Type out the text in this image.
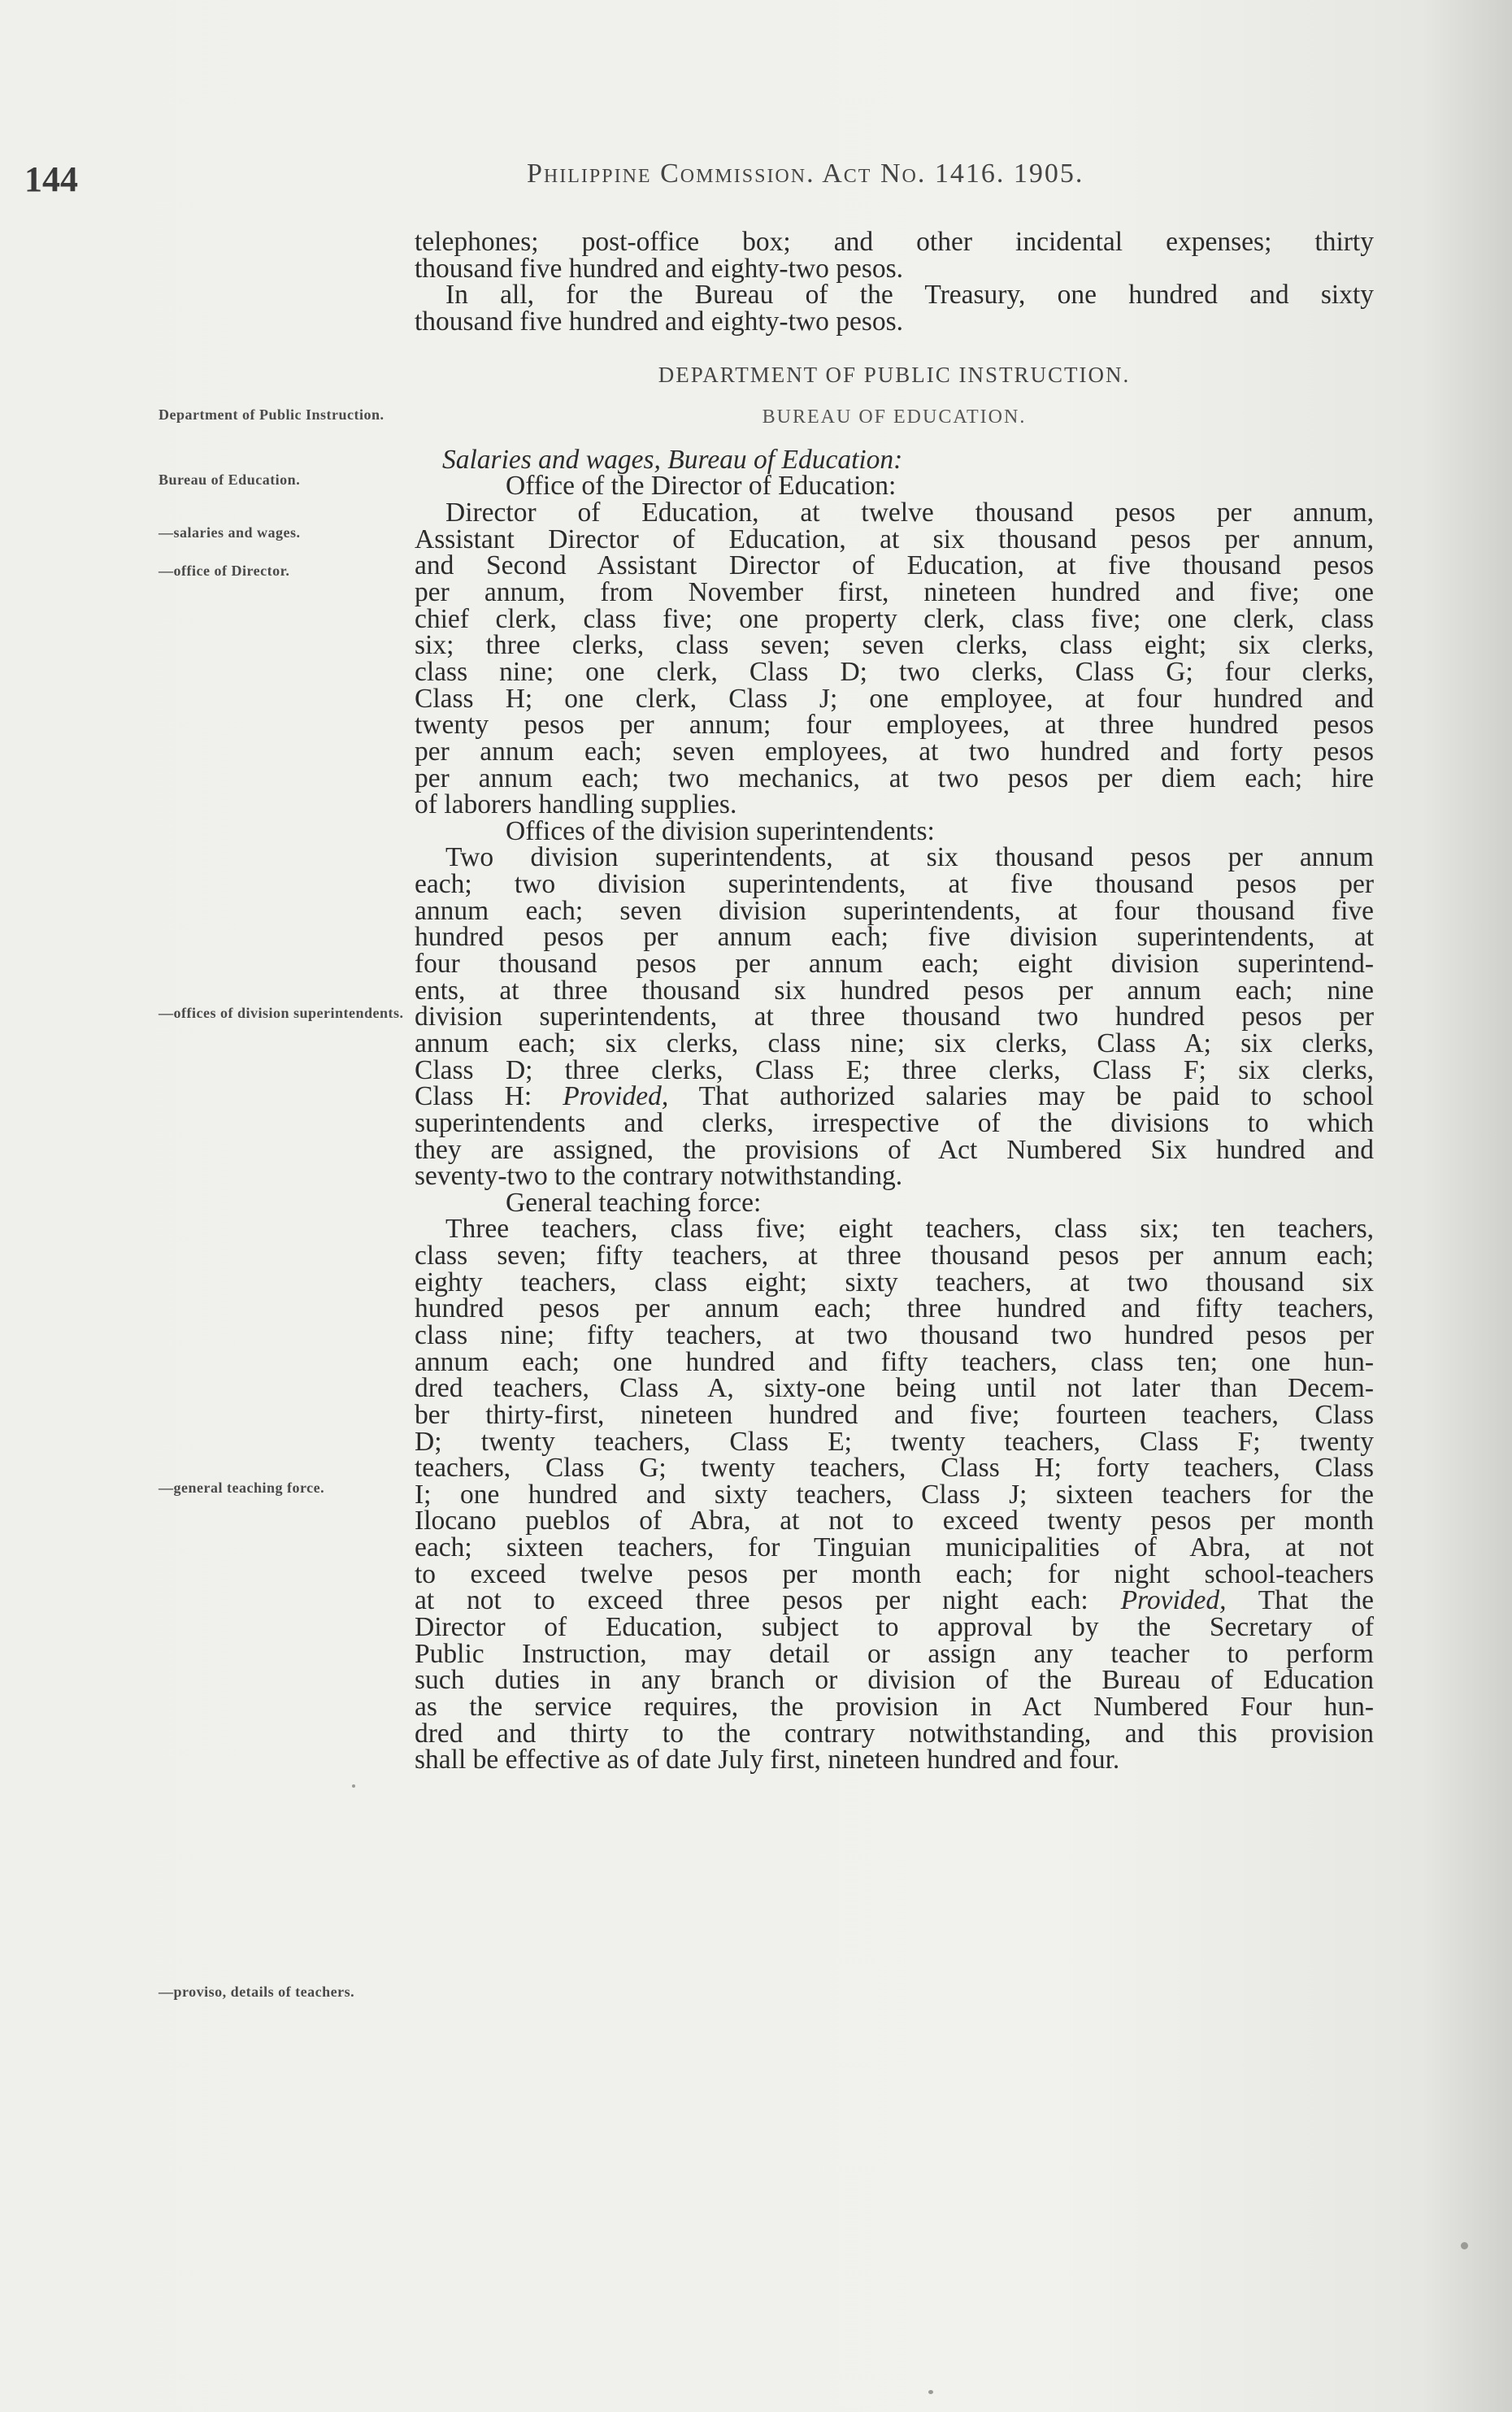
144	Philippine Commission. Act No. 1416. 1905.
Department of Public Instruction.
Bureau of Education.
—salaries and wages.
—office of Director.
—offices of division superintendents.
—general teaching force.
—proviso, details of teachers.
telephones; post-office box; and other incidental expenses; thirty
thousand five hundred and eighty-two pesos.
In all, for the Bureau of the Treasury, one hundred and sixty
thousand five hundred and eighty-two pesos.
DEPARTMENT OF PUBLIC INSTRUCTION.
BUREAU OF EDUCATION.
Salaries and wages, Bureau of Education:
Office of the Director of Education:
Director of Education, at twelve thousand pesos per annum,
Assistant Director of Education, at six thousand pesos per annum,
and Second Assistant Director of Education, at five thousand pesos
per annum, from November first, nineteen hundred and five; one
chief clerk, class five; one property clerk, class five; one clerk, class
six; three clerks, class seven; seven clerks, class eight; six clerks,
class nine; one clerk, Class D; two clerks, Class G; four clerks,
Class H; one clerk, Class J; one employee, at four hundred and
twenty pesos per annum; four employees, at three hundred pesos
per annum each; seven employees, at two hundred and forty pesos
per annum each; two mechanics, at two pesos per diem each; hire
of laborers handling supplies.
Offices of the division superintendents:
Two division superintendents, at six thousand pesos per annum
each; two division superintendents, at five thousand pesos per
annum each; seven division superintendents, at four thousand five
hundred pesos per annum each; five division superintendents, at
four thousand pesos per annum each; eight division superintend-
ents, at three thousand six hundred pesos per annum each; nine
division superintendents, at three thousand two hundred pesos per
annum each; six clerks, class nine; six clerks, Class A; six clerks,
Class D; three clerks, Class E; three clerks, Class F; six clerks,
Class H: Provided, That authorized salaries may be paid to school
superintendents and clerks, irrespective of the divisions to which
they are assigned, the provisions of Act Numbered Six hundred and
seventy-two to the contrary notwithstanding.
General teaching force:
Three teachers, class five; eight teachers, class six; ten teachers,
class seven; fifty teachers, at three thousand pesos per annum each;
eighty teachers, class eight; sixty teachers, at two thousand six
hundred pesos per annum each; three hundred and fifty teachers,
class nine; fifty teachers, at two thousand two hundred pesos per
annum each; one hundred and fifty teachers, class ten; one hun-
dred teachers, Class A, sixty-one being until not later than Decem-
ber thirty-first, nineteen hundred and five; fourteen teachers, Class
D; twenty teachers, Class E; twenty teachers, Class F; twenty
teachers, Class G; twenty teachers, Class H; forty teachers, Class
I; one hundred and sixty teachers, Class J; sixteen teachers for the
Ilocano pueblos of Abra, at not to exceed twenty pesos per month
each; sixteen teachers, for Tinguian municipalities of Abra, at not
to exceed twelve pesos per month each; for night school-teachers
at not to exceed three pesos per night each: Provided, That the
Director of Education, subject to approval by the Secretary of
Public Instruction, may detail or assign any teacher to perform
such duties in any branch or division of the Bureau of Education
as the service requires, the provision in Act Numbered Four hun-
dred and thirty to the contrary notwithstanding, and this provision
shall be effective as of date July first, nineteen hundred and four.
